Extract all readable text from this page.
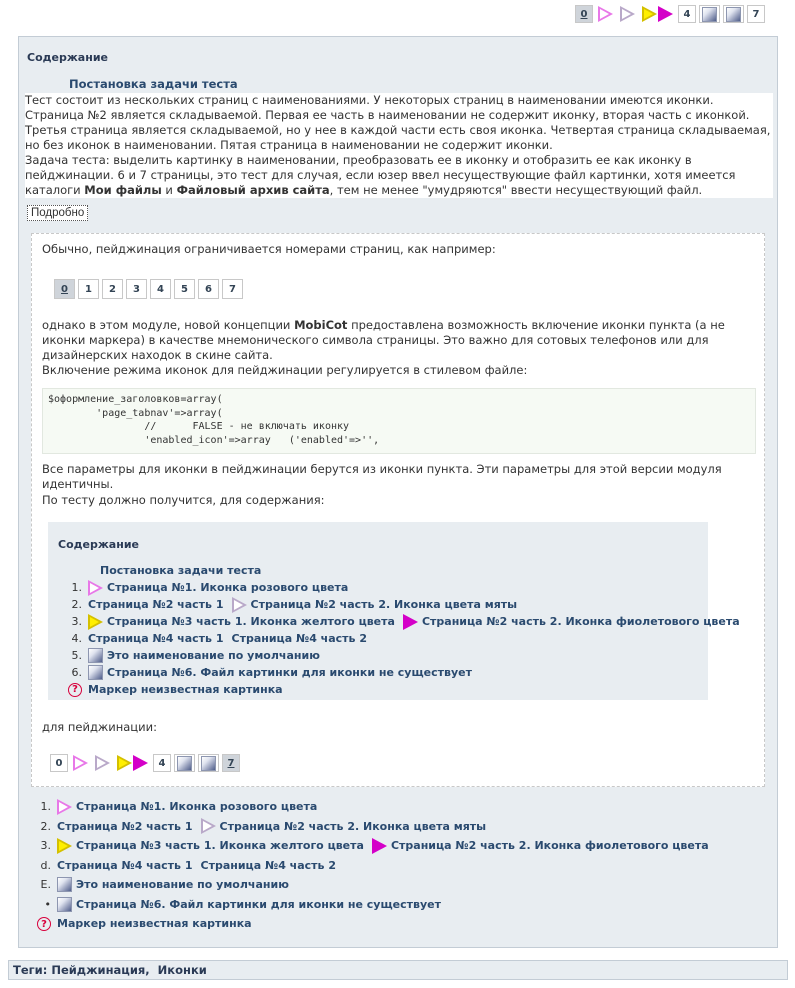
0	4	7
Содержание
Постановка задачи теста

Тест состоит из нескольких страниц с наименованиями. У некоторых страниц в наименовании имеются иконки. Страница №2 является складываемой. Первая ее часть в наименовании не содержит иконку, вторая часть с иконкой. Третья страница является складываемой, но у нее в каждой части есть своя иконка. Четвертая страница складываемая, но без иконок в наименовании. Пятая страница в наименовании не содержит иконки.

Задача теста: выделить картинку в наименовании, преобразовать ее в иконку и отобразить ее как иконку в пейджинации. 6 и 7 страницы, это тест для случая, если юзер ввел несуществующие файл картинки, хотя имеется каталоги Мои файлы и Файловый архив сайта, тем не менее "умудряются" ввести несуществующий файл.

Подробно
Обычно, пейджинация ограничивается номерами страниц, как например:
0	1	2	3	4	5	6	7
однако в этом модуле, новой концепции MobiCot предоставлена возможность включение иконки пункта (а не иконки маркера) в качестве мнемонического символа страницы. Это важно для сотовых телефонов или для дизайнерских находок в скине сайта.
Включение режима иконок для пейджинации регулируется в стилевом файле:
$оформление_заголовков=array(
'page_tabnav'=>array(
//      FALSE - не включать иконку
'enabled_icon'=>array   ('enabled'=>'',
Все параметры для иконки в пейджинации берутся из иконки пункта. Эти параметры для этой версии модуля идентичны.
По тесту должно получится, для содержания:
Содержание
Постановка задачи теста
1. Страница №1. Иконка розового цвета
2. Страница №2 часть 1 Страница №2 часть 2. Иконка цвета мяты
3. Страница №3 часть 1. Иконка желтого цвета Страница №2 часть 2. Иконка фиолетового цвета
4. Страница №4 часть 1 Страница №4 часть 2
5. Это наименование по умолчанию
6. Страница №6. Файл картинки для иконки не существует
? Маркер неизвестная картинка
для пейджинации:
0	4	7
1. Страница №1. Иконка розового цвета
2. Страница №2 часть 1 Страница №2 часть 2. Иконка цвета мяты
3. Страница №3 часть 1. Иконка желтого цвета Страница №2 часть 2. Иконка фиолетового цвета
d. Страница №4 часть 1 Страница №4 часть 2
E. Это наименование по умолчанию
• Страница №6. Файл картинки для иконки не существует
? Маркер неизвестная картинка
Теги: Пейджинация,  Иконки
